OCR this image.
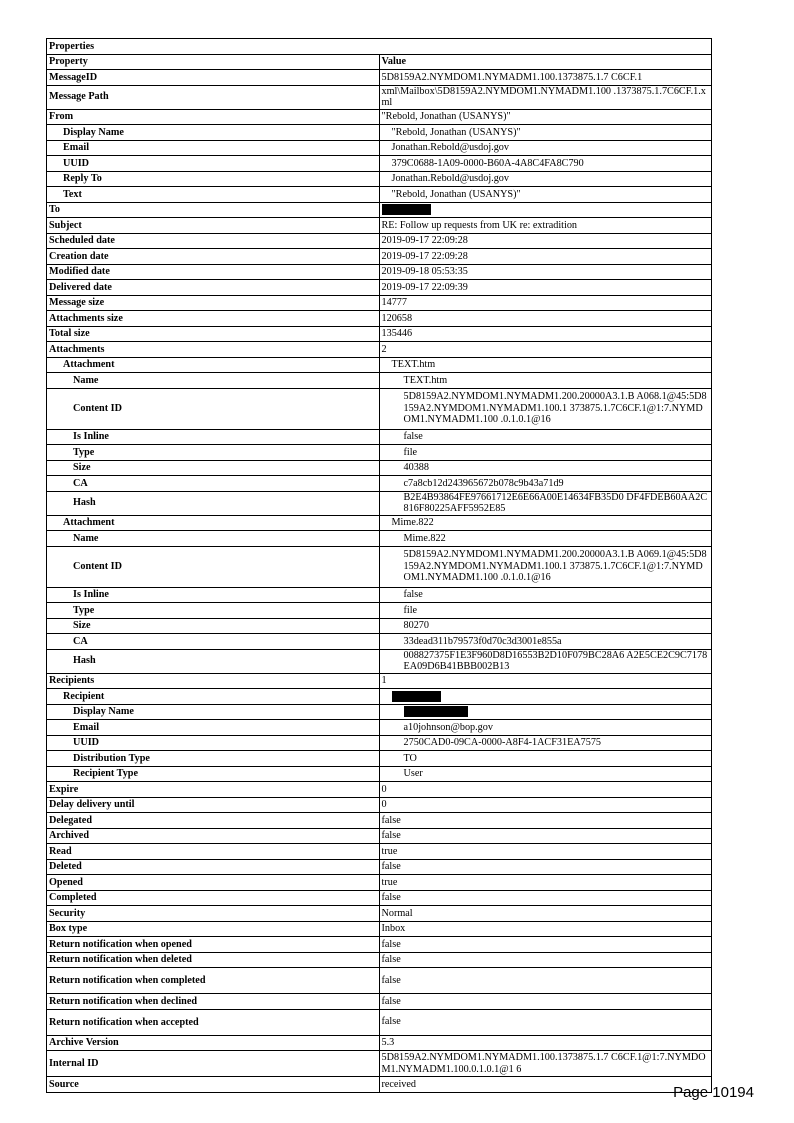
Properties	
Property	Value
MessageID	5D8159A2.NYMDOM1.NYMADM1.100.1373875.1.7 C6CF.1
Message Path	xml\Mailbox\5D8159A2.NYMDOM1.NYMADM1.100 .1373875.1.7C6CF.1.xml
From	"Rebold, Jonathan (USANYS)"
Display Name	"Rebold, Jonathan (USANYS)"
Email	Jonathan.Rebold@usdoj.gov
UUID	379C0688-1A09-0000-B60A-4A8C4FA8C790
Reply To	Jonathan.Rebold@usdoj.gov
Text	"Rebold, Jonathan (USANYS)"
To	
Subject	RE: Follow up requests from UK re: extradition
Scheduled date	2019-09-17 22:09:28
Creation date	2019-09-17 22:09:28
Modified date	2019-09-18 05:53:35
Delivered date	2019-09-17 22:09:39
Message size	14777
Attachments size	120658
Total size	135446
Attachments	2
Attachment	TEXT.htm
Name	TEXT.htm
Content ID	5D8159A2.NYMDOM1.NYMADM1.200.20000A3.1.B A068.1@45:5D8159A2.NYMDOM1.NYMADM1.100.1 373875.1.7C6CF.1@1:7.NYMDOM1.NYMADM1.100 .0.1.0.1@16
Is Inline	false
Type	file
Size	40388
CA	c7a8cb12d243965672b078c9b43a71d9
Hash	B2E4B93864FE97661712E6E66A00E14634FB35D0 DF4FDEB60AA2C816F80225AFF5952E85
Attachment	Mime.822
Name	Mime.822
Content ID	5D8159A2.NYMDOM1.NYMADM1.200.20000A3.1.B A069.1@45:5D8159A2.NYMDOM1.NYMADM1.100.1 373875.1.7C6CF.1@1:7.NYMDOM1.NYMADM1.100 .0.1.0.1@16
Is Inline	false
Type	file
Size	80270
CA	33dead311b79573f0d70c3d3001e855a
Hash	008827375F1E3F960D8D16553B2D10F079BC28A6 A2E5CE2C9C7178EA09D6B41BBB002B13
Recipients	1
Recipient	
Display Name	
Email	a10johnson@bop.gov
UUID	2750CAD0-09CA-0000-A8F4-1ACF31EA7575
Distribution Type	TO
Recipient Type	User
Expire	0
Delay delivery until	0
Delegated	false
Archived	false
Read	true
Deleted	false
Opened	true
Completed	false
Security	Normal
Box type	Inbox
Return notification when opened	false
Return notification when deleted	false
Return notification when completed	false
Return notification when declined	false
Return notification when accepted	false
Archive Version	5.3
Internal ID	5D8159A2.NYMDOM1.NYMADM1.100.1373875.1.7 C6CF.1@1:7.NYMDOM1.NYMADM1.100.0.1.0.1@1 6
Source	received	Page 10194
